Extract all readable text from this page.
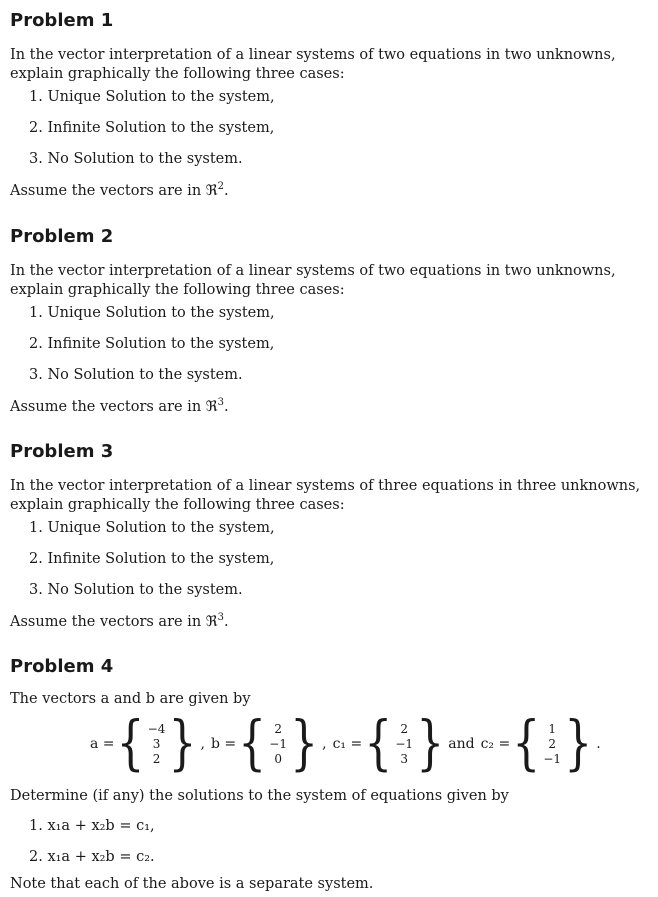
Problem 1

In the vector interpretation of a linear systems of two equations in two unknowns, explain graphically the following three cases:

1. Unique Solution to the system,
2. Infinite Solution to the system,
3. No Solution to the system.

Assume the vectors are in ℜ$^2$.

Problem 2

In the vector interpretation of a linear systems of two equations in two unknowns, explain graphically the following three cases:

1. Unique Solution to the system,
2. Infinite Solution to the system,
3. No Solution to the system.

Assume the vectors are in ℜ$^3$.

Problem 3

In the vector interpretation of a linear systems of three equations in three unknowns, explain graphically the following three cases:

1. Unique Solution to the system,
2. Infinite Solution to the system,
3. No Solution to the system.

Assume the vectors are in ℜ$^3$.

Problem 4

The vectors a and b are given by

a = { −4
3
2 } , b = { 2
−1
0 } , c₁ = { 2
−1
3 } and c₂ = { 1
2
−1 } .

Determine (if any) the solutions to the system of equations given by

1. x₁a + x₂b = c₁,
2. x₁a + x₂b = c₂.

Note that each of the above is a separate system.
